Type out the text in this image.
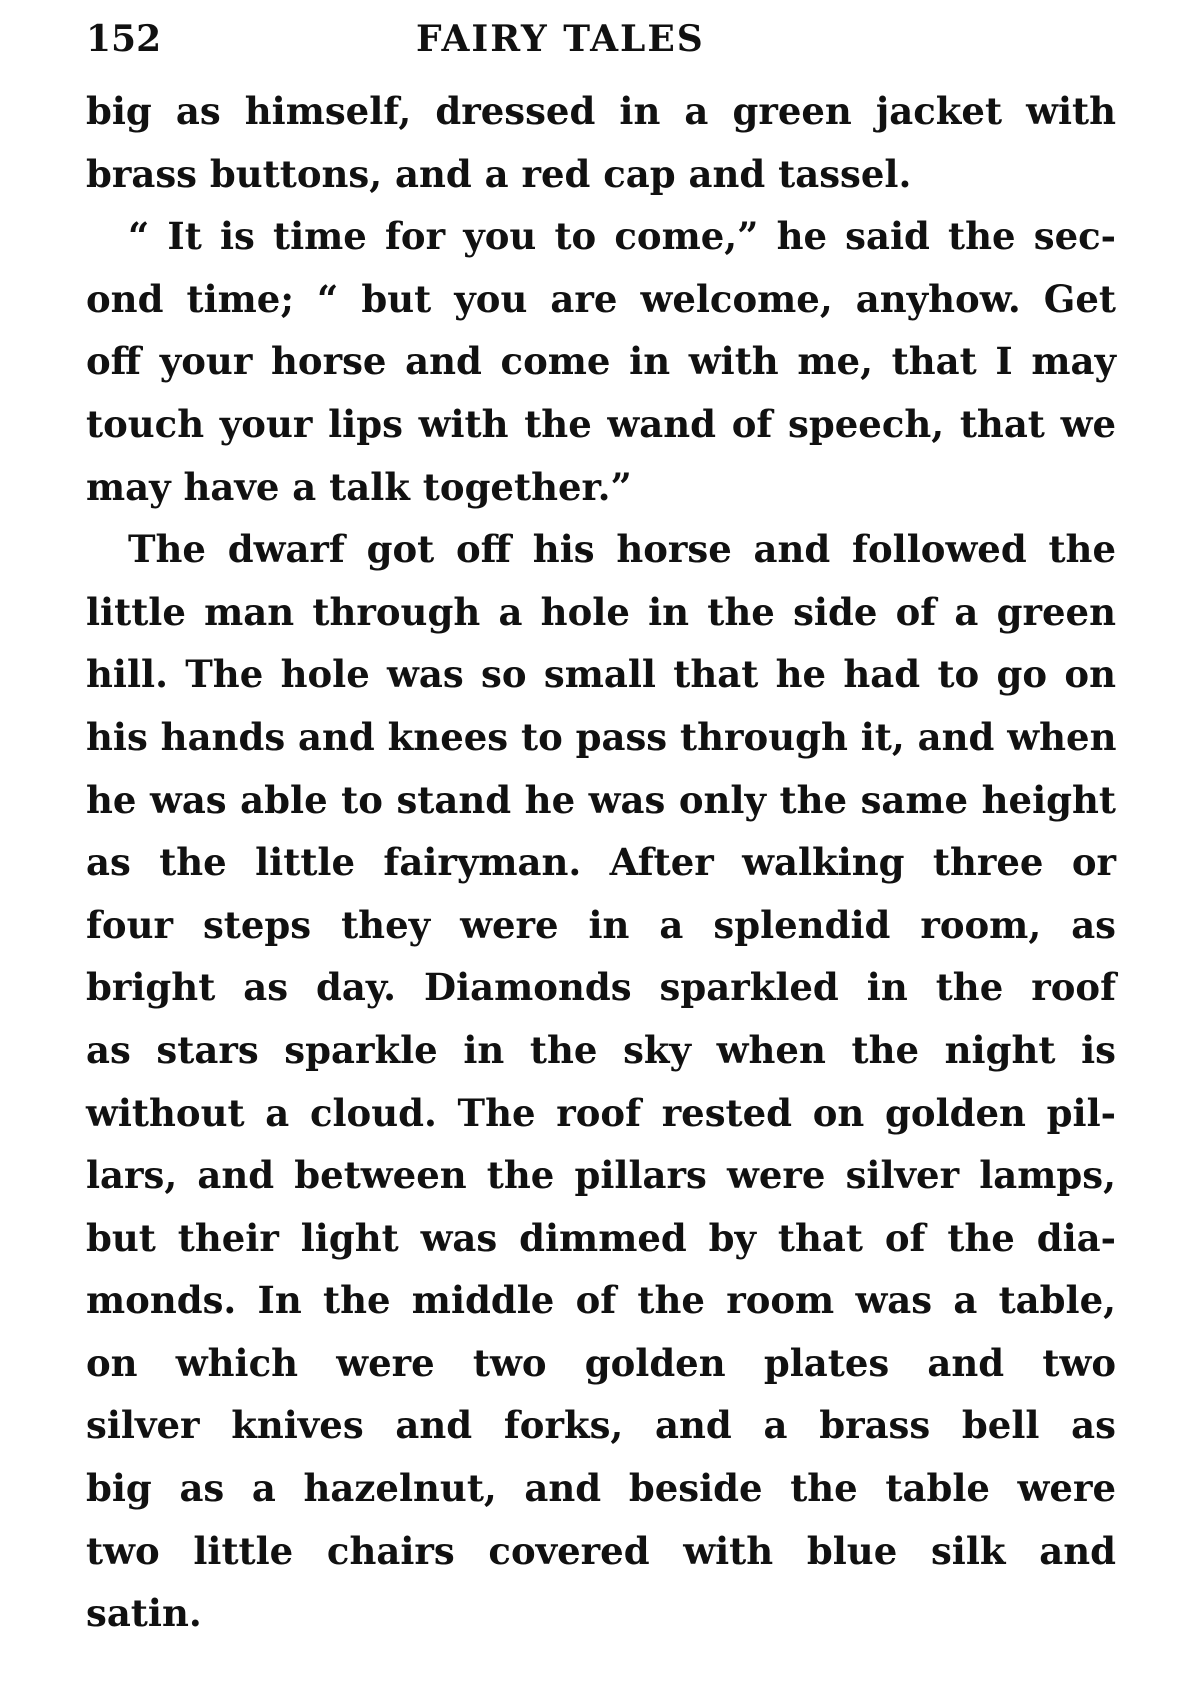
152	FAIRY TALES
big as himself, dressed in a green jacket with
brass buttons, and a red cap and tassel.
“ It is time for you to come,” he said the sec-
ond time; “ but you are welcome, anyhow. Get
off your horse and come in with me, that I may
touch your lips with the wand of speech, that we
may have a talk together.”
The dwarf got off his horse and followed the
little man through a hole in the side of a green
hill. The hole was so small that he had to go on
his hands and knees to pass through it, and when
he was able to stand he was only the same height
as the little fairyman. After walking three or
four steps they were in a splendid room, as
bright as day. Diamonds sparkled in the roof
as stars sparkle in the sky when the night is
without a cloud. The roof rested on golden pil-
lars, and between the pillars were silver lamps,
but their light was dimmed by that of the dia-
monds. In the middle of the room was a table,
on which were two golden plates and two
silver knives and forks, and a brass bell as
big as a hazelnut, and beside the table were
two little chairs covered with blue silk and
satin.
